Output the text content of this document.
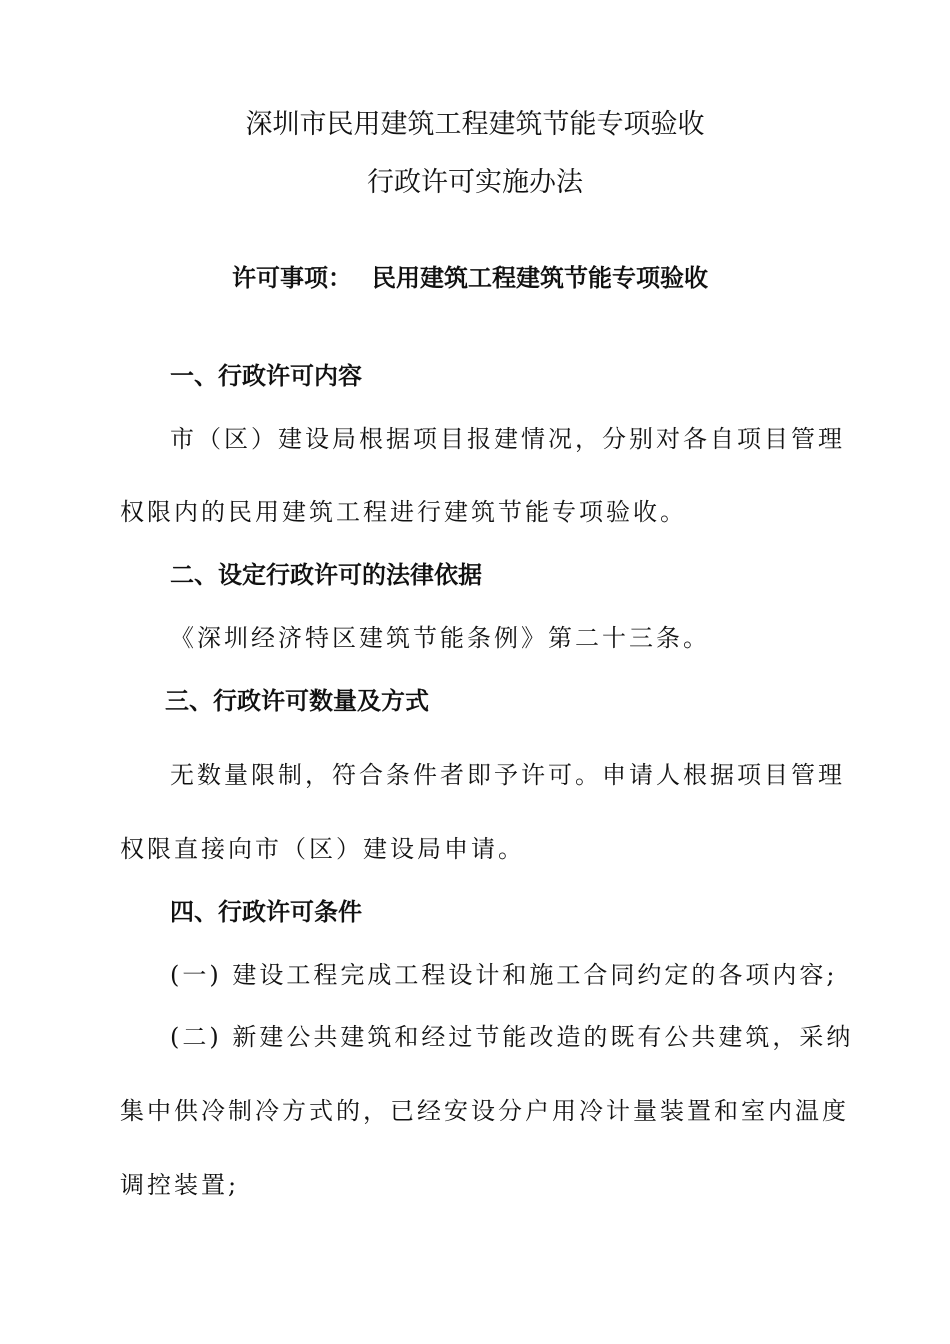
深圳市民用建筑工程建筑节能专项验收
行政许可实施办法
许可事项： 民用建筑工程建筑节能专项验收
一、行政许可内容
市（区）建设局根据项目报建情况，分别对各自项目管理
权限内的民用建筑工程进行建筑节能专项验收。
二、设定行政许可的法律依据
《深圳经济特区建筑节能条例》第二十三条。
三、行政许可数量及方式
无数量限制，符合条件者即予许可。申请人根据项目管理
权限直接向市（区）建设局申请。
四、行政许可条件
(一) 建设工程完成工程设计和施工合同约定的各项内容;
(二) 新建公共建筑和经过节能改造的既有公共建筑，采纳
集中供冷制冷方式的，已经安设分户用冷计量装置和室内温度
调控装置;
